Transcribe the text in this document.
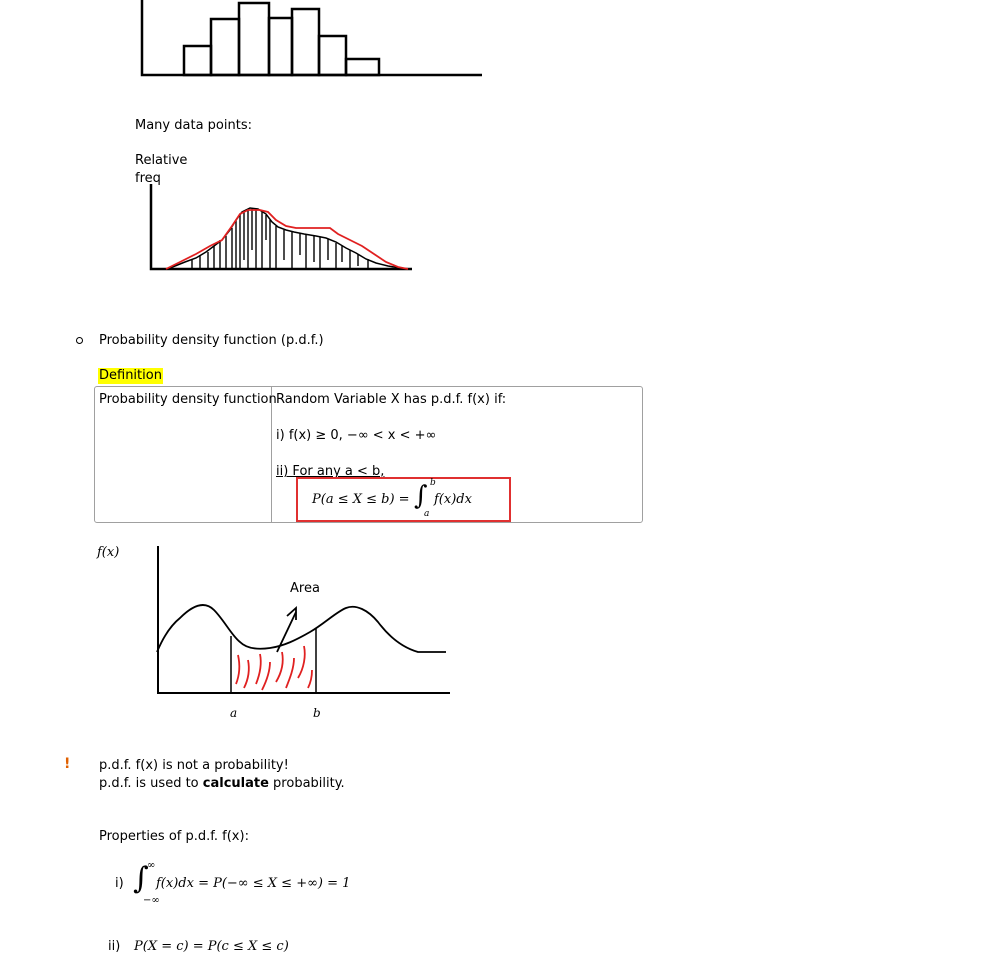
Many data points:
Relative
freq
Probability density function (p.d.f.)
Definition
Probability density function Random Variable X has p.d.f. f(x) if:
i) f(x) ≥ 0, −∞ < x < +∞
ii) For any a < b,
P(a ≤ X ≤ b) = ∫ b
a
f(x)dx
f(x)
Area
a	b
! p.d.f. f(x) is not a probability!
p.d.f. is used to calculate probability.
Properties of p.d.f. f(x):
i) ∫
∞
−∞
f(x)dx = P(−∞ ≤ X ≤ +∞) = 1
ii) P(X = c) = P(c ≤ X ≤ c)
